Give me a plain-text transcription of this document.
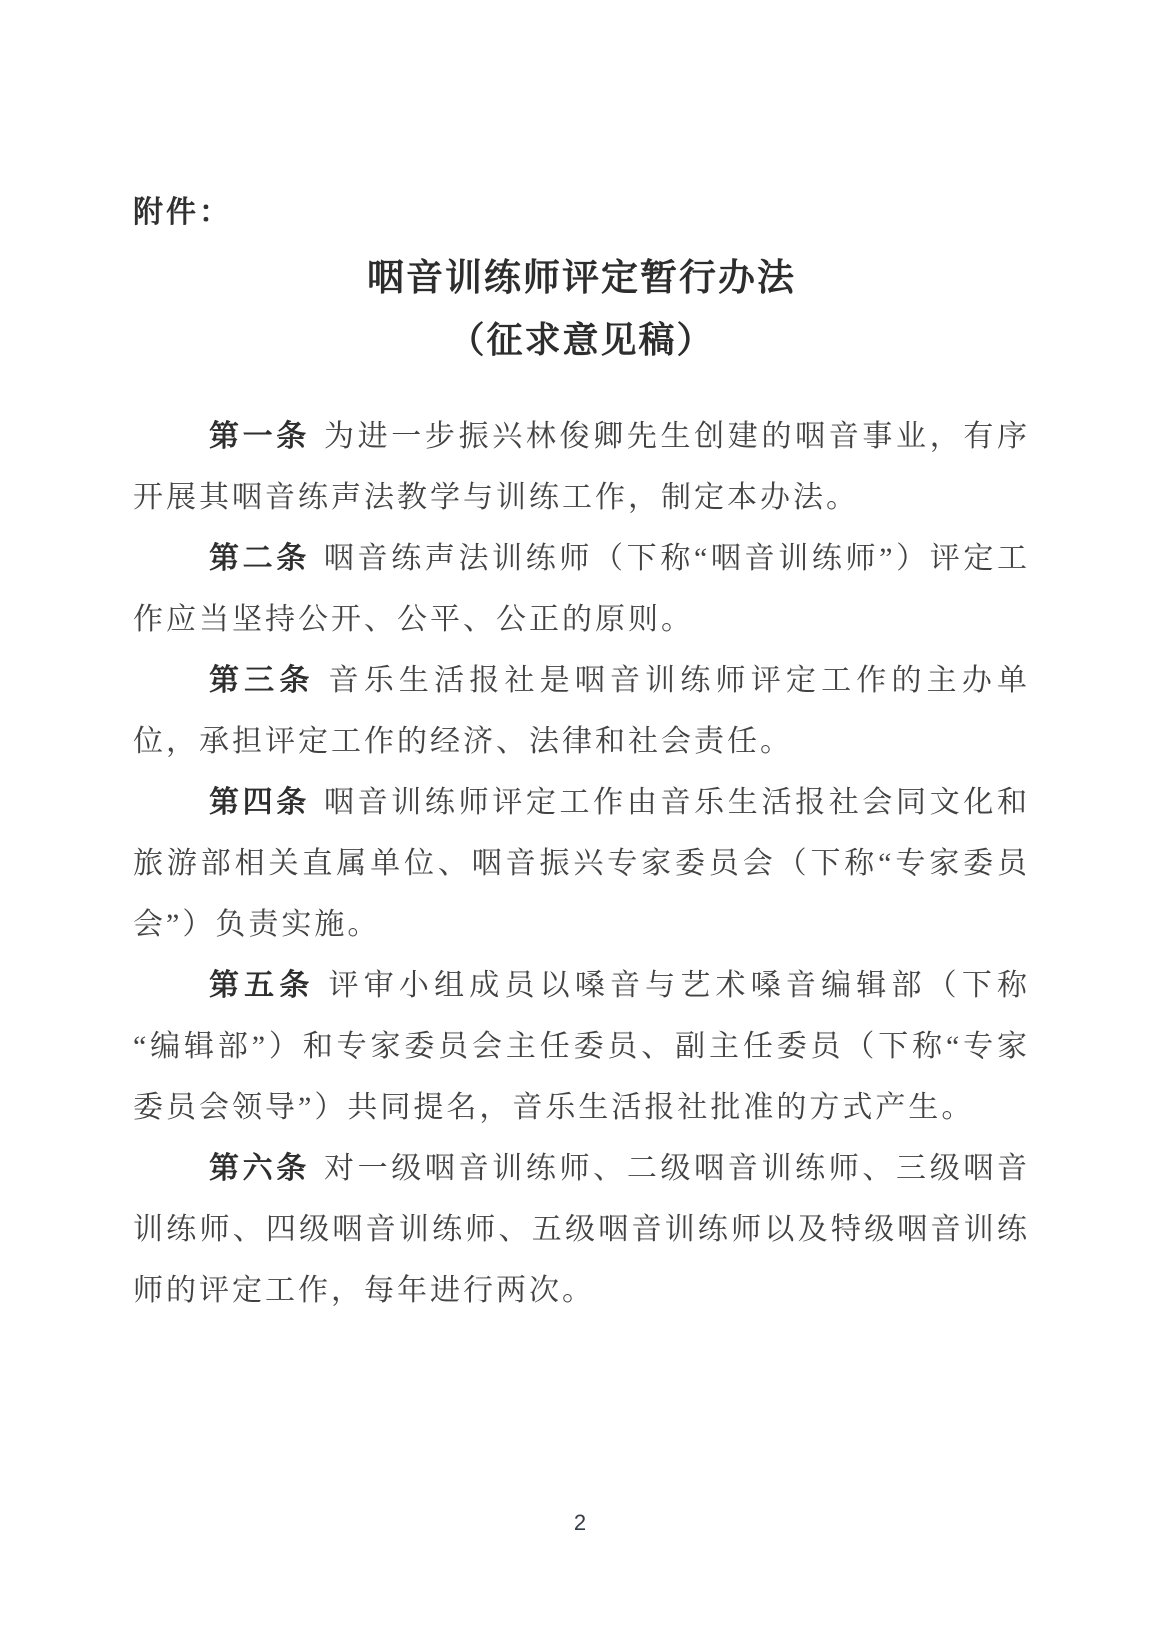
附件：
咽音训练师评定暂行办法
（征求意见稿）

第一条 为进一步振兴林俊卿先生创建的咽音事业，有序开展其咽音练声法教学与训练工作，制定本办法。

第二条 咽音练声法训练师（下称“咽音训练师”）评定工作应当坚持公开、公平、公正的原则。

第三条 音乐生活报社是咽音训练师评定工作的主办单位，承担评定工作的经济、法律和社会责任。

第四条 咽音训练师评定工作由音乐生活报社会同文化和旅游部相关直属单位、咽音振兴专家委员会（下称“专家委员会”）负责实施。

第五条 评审小组成员以嗓音与艺术嗓音编辑部（下称“编辑部”）和专家委员会主任委员、副主任委员（下称“专家委员会领导”）共同提名，音乐生活报社批准的方式产生。

第六条 对一级咽音训练师、二级咽音训练师、三级咽音训练师、四级咽音训练师、五级咽音训练师以及特级咽音训练师的评定工作，每年进行两次。

2
